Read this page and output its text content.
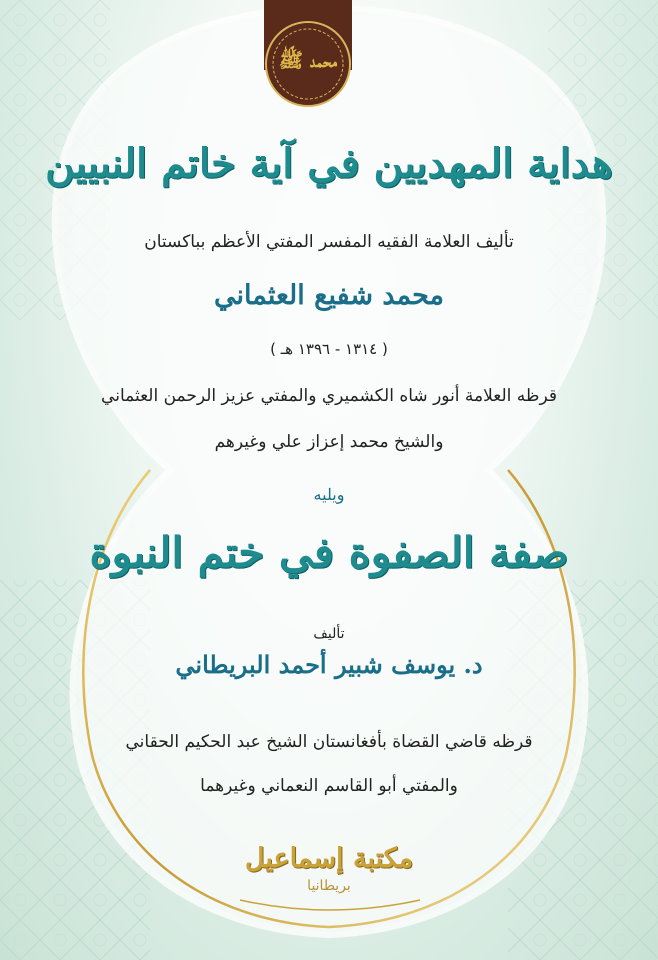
محمد ﷺ
هداية المهديين في آية خاتم النبيين
تأليف العلامة الفقيه المفسر المفتي الأعظم بباكستان
محمد شفيع العثماني
( ١٣١٤ - ١٣٩٦ هـ )
قرظه العلامة أنور شاه الكشميري والمفتي عزيز الرحمن العثماني
والشيخ محمد إعزاز علي وغيرهم
ويليه
صفة الصفوة في ختم النبوة
تأليف
د. يوسف شبير أحمد البريطاني
قرظه قاضي القضاة بأفغانستان الشيخ عبد الحكيم الحقاني
والمفتي أبو القاسم النعماني وغيرهما
مكتبة إسماعيل
بريطانيا
